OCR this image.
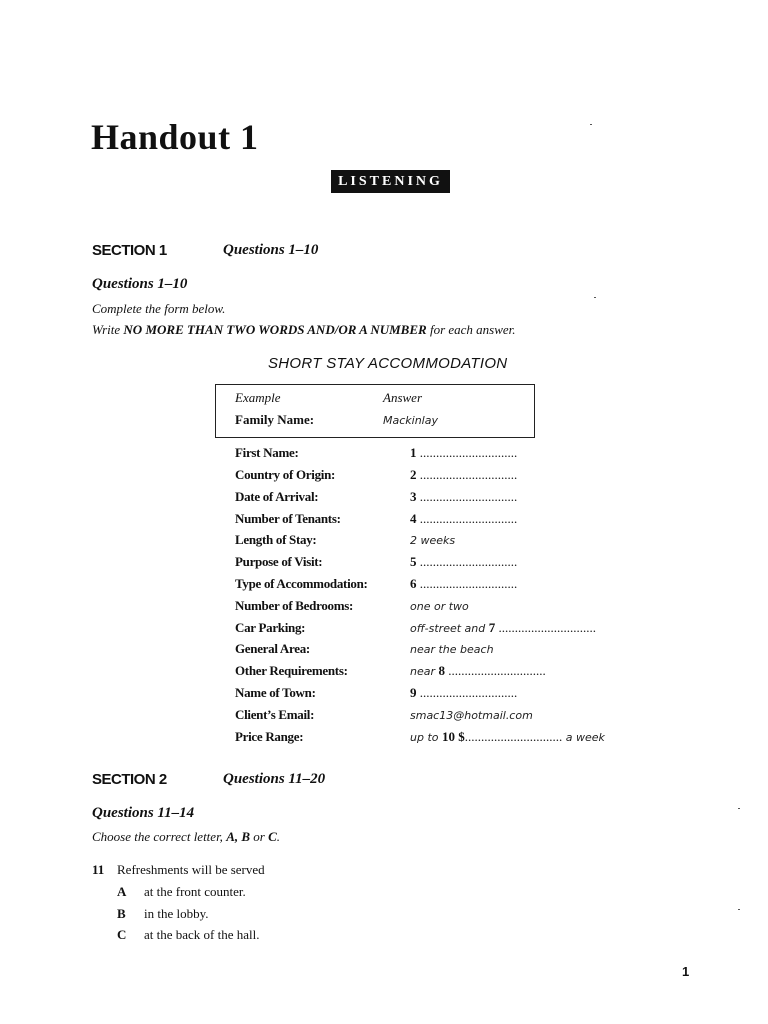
Handout 1
LISTENING
SECTION 1	Questions 1–10
Questions 1–10
Complete the form below.
Write NO MORE THAN TWO WORDS AND/OR A NUMBER for each answer.
SHORT STAY ACCOMMODATION
Example	Answer
Family Name:	Mackinlay
First Name:	1 ..............................
Country of Origin:	2 ..............................
Date of Arrival:	3 ..............................
Number of Tenants:	4 ..............................
Length of Stay:	2 weeks
Purpose of Visit:	5 ..............................
Type of Accommodation:	6 ..............................
Number of Bedrooms:	one or two
Car Parking:	off-street and 7 ..............................
General Area:	near the beach
Other Requirements:	near 8 ..............................
Name of Town:	9 ..............................
Client’s Email:	smac13@hotmail.com
Price Range:	up to 10 $.............................. a week
SECTION 2	Questions 11–20
Questions 11–14
Choose the correct letter, A, B or C.
11 Refreshments will be served
A at the front counter.
B in the lobby.
C at the back of the hall.
1
